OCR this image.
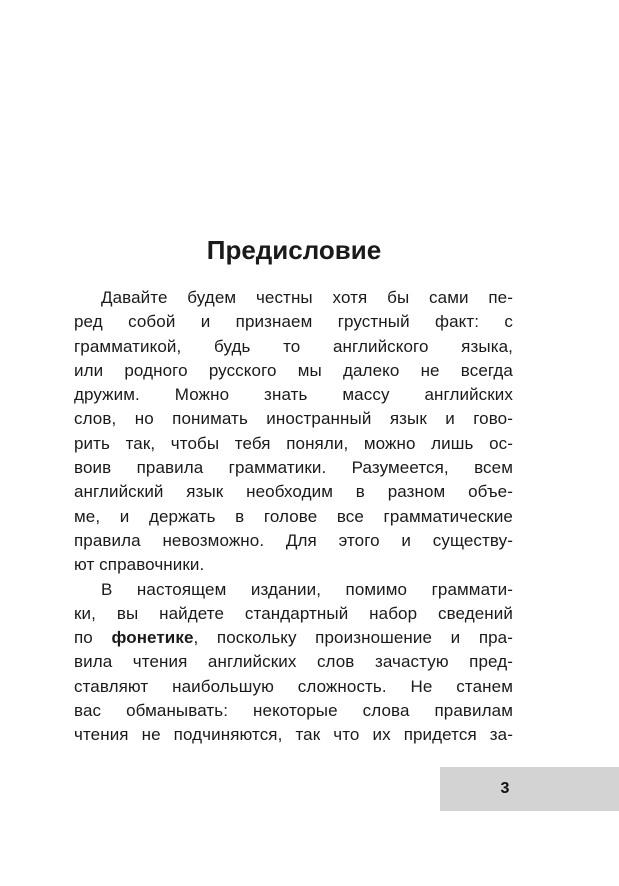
Предисловие
Давайте будем честны хотя бы сами пе-
ред собой и признаем грустный факт: с
грамматикой, будь то английского языка,
или родного русского мы далеко не всегда
дружим. Можно знать массу английских
слов, но понимать иностранный язык и гово-
рить так, чтобы тебя поняли, можно лишь ос-
воив правила грамматики. Разумеется, всем
английский язык необходим в разном объе-
ме, и держать в голове все грамматические
правила невозможно. Для этого и существу-
ют справочники.
В настоящем издании, помимо граммати-
ки, вы найдете стандартный набор сведений
по фонетике, поскольку произношение и пра-
вила чтения английских слов зачастую пред-
ставляют наибольшую сложность. Не станем
вас обманывать: некоторые слова правилам
чтения не подчиняются, так что их придется за-
3
